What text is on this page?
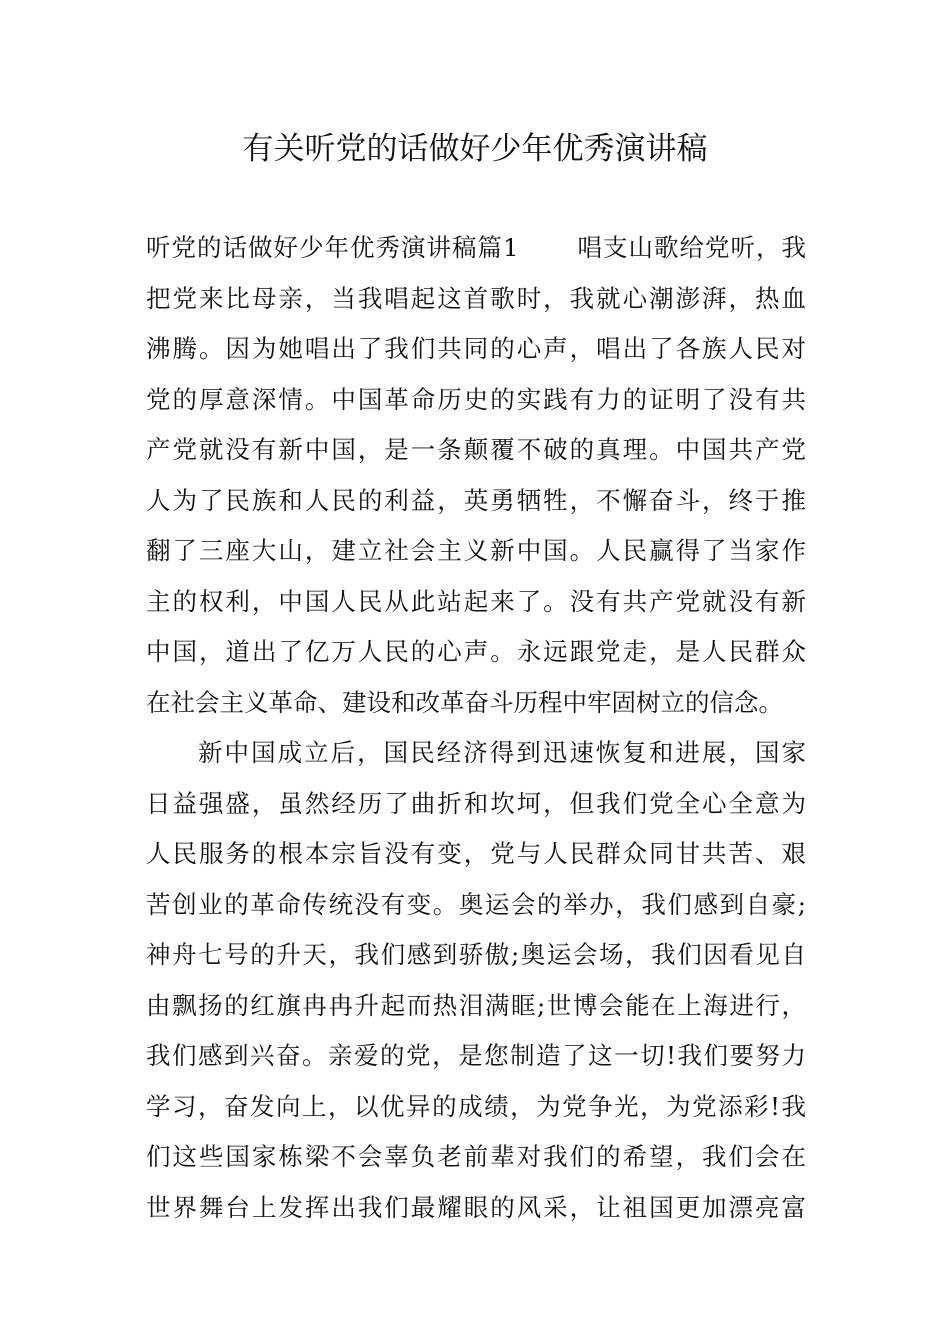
有关听党的话做好少年优秀演讲稿
听党的话做好少年优秀演讲稿篇1 唱支山歌给党听，我
把党来比母亲，当我唱起这首歌时，我就心潮澎湃，热血
沸腾。因为她唱出了我们共同的心声，唱出了各族人民对
党的厚意深情。中国革命历史的实践有力的证明了没有共
产党就没有新中国，是一条颠覆不破的真理。中国共产党
人为了民族和人民的利益，英勇牺牲，不懈奋斗，终于推
翻了三座大山，建立社会主义新中国。人民赢得了当家作
主的权利，中国人民从此站起来了。没有共产党就没有新
中国，道出了亿万人民的心声。永远跟党走，是人民群众
在社会主义革命、建设和改革奋斗历程中牢固树立的信念。
新中国成立后，国民经济得到迅速恢复和进展，国家
日益强盛，虽然经历了曲折和坎坷，但我们党全心全意为
人民服务的根本宗旨没有变，党与人民群众同甘共苦、艰
苦创业的革命传统没有变。奥运会的举办，我们感到自豪;
神舟七号的升天，我们感到骄傲;奥运会场，我们因看见自
由飘扬的红旗冉冉升起而热泪满眶;世博会能在上海进行，
我们感到兴奋。亲爱的党，是您制造了这一切!我们要努力
学习，奋发向上，以优异的成绩，为党争光，为党添彩!我
们这些国家栋梁不会辜负老前辈对我们的希望，我们会在
世界舞台上发挥出我们最耀眼的风采，让祖国更加漂亮富
